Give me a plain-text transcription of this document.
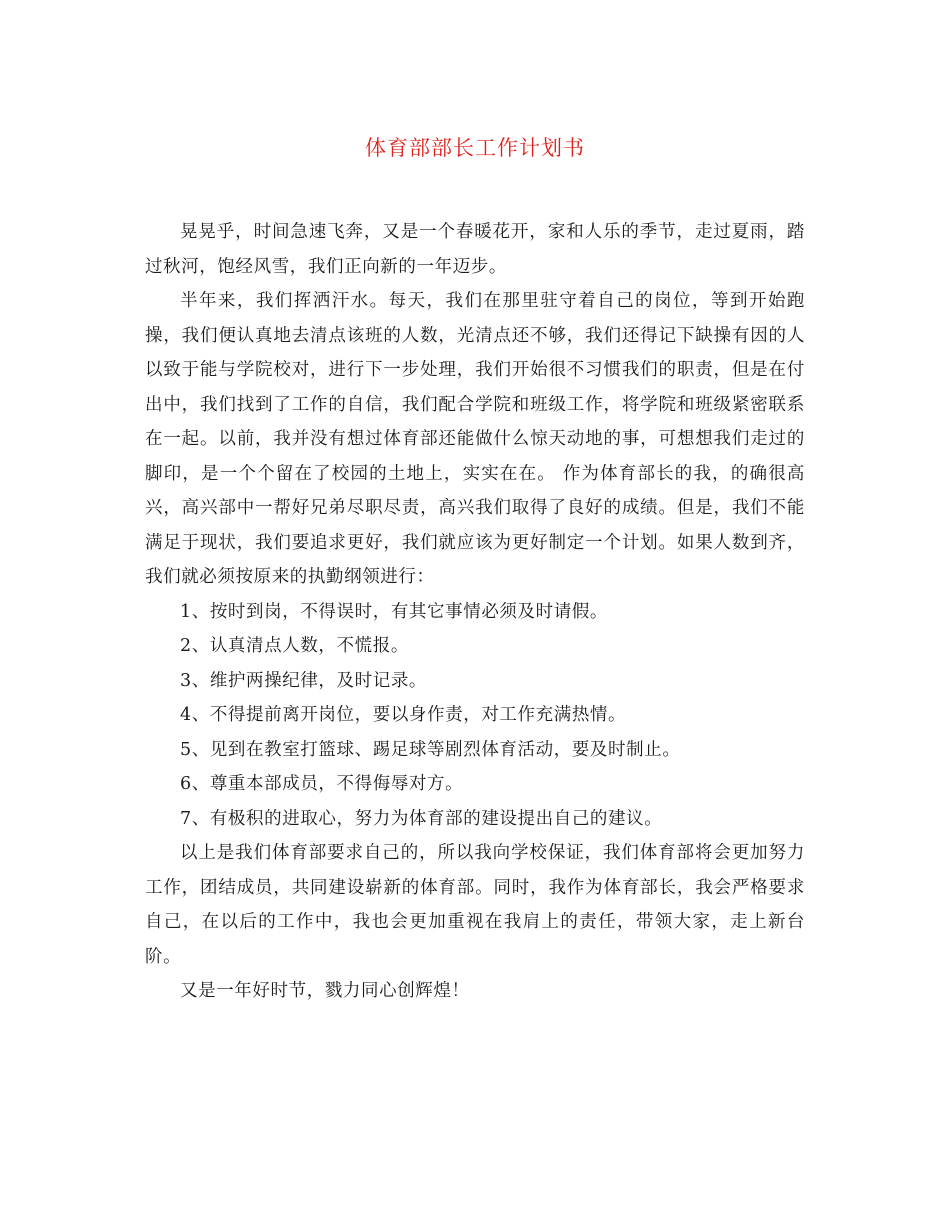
体育部部长工作计划书

晃晃乎，时间急速飞奔，又是一个春暖花开，家和人乐的季节，走过夏雨，踏过秋河，饱经风雪，我们正向新的一年迈步。

半年来，我们挥洒汗水。每天，我们在那里驻守着自己的岗位，等到开始跑操，我们便认真地去清点该班的人数，光清点还不够，我们还得记下缺操有因的人以致于能与学院校对，进行下一步处理，我们开始很不习惯我们的职责，但是在付出中，我们找到了工作的自信，我们配合学院和班级工作，将学院和班级紧密联系在一起。以前，我并没有想过体育部还能做什么惊天动地的事，可想想我们走过的脚印，是一个个留在了校园的土地上，实实在在。 作为体育部长的我，的确很高兴，高兴部中一帮好兄弟尽职尽责，高兴我们取得了良好的成绩。但是，我们不能满足于现状，我们要追求更好，我们就应该为更好制定一个计划。如果人数到齐，我们就必须按原来的执勤纲领进行：

1、按时到岗，不得误时，有其它事情必须及时请假。
2、认真清点人数，不慌报。
3、维护两操纪律，及时记录。
4、不得提前离开岗位，要以身作责，对工作充满热情。
5、见到在教室打篮球、踢足球等剧烈体育活动，要及时制止。
6、尊重本部成员，不得侮辱对方。
7、有极积的进取心，努力为体育部的建设提出自己的建议。

以上是我们体育部要求自己的，所以我向学校保证，我们体育部将会更加努力工作，团结成员，共同建设崭新的体育部。同时，我作为体育部长，我会严格要求自己，在以后的工作中，我也会更加重视在我肩上的责任，带领大家，走上新台阶。

又是一年好时节，戮力同心创辉煌！
